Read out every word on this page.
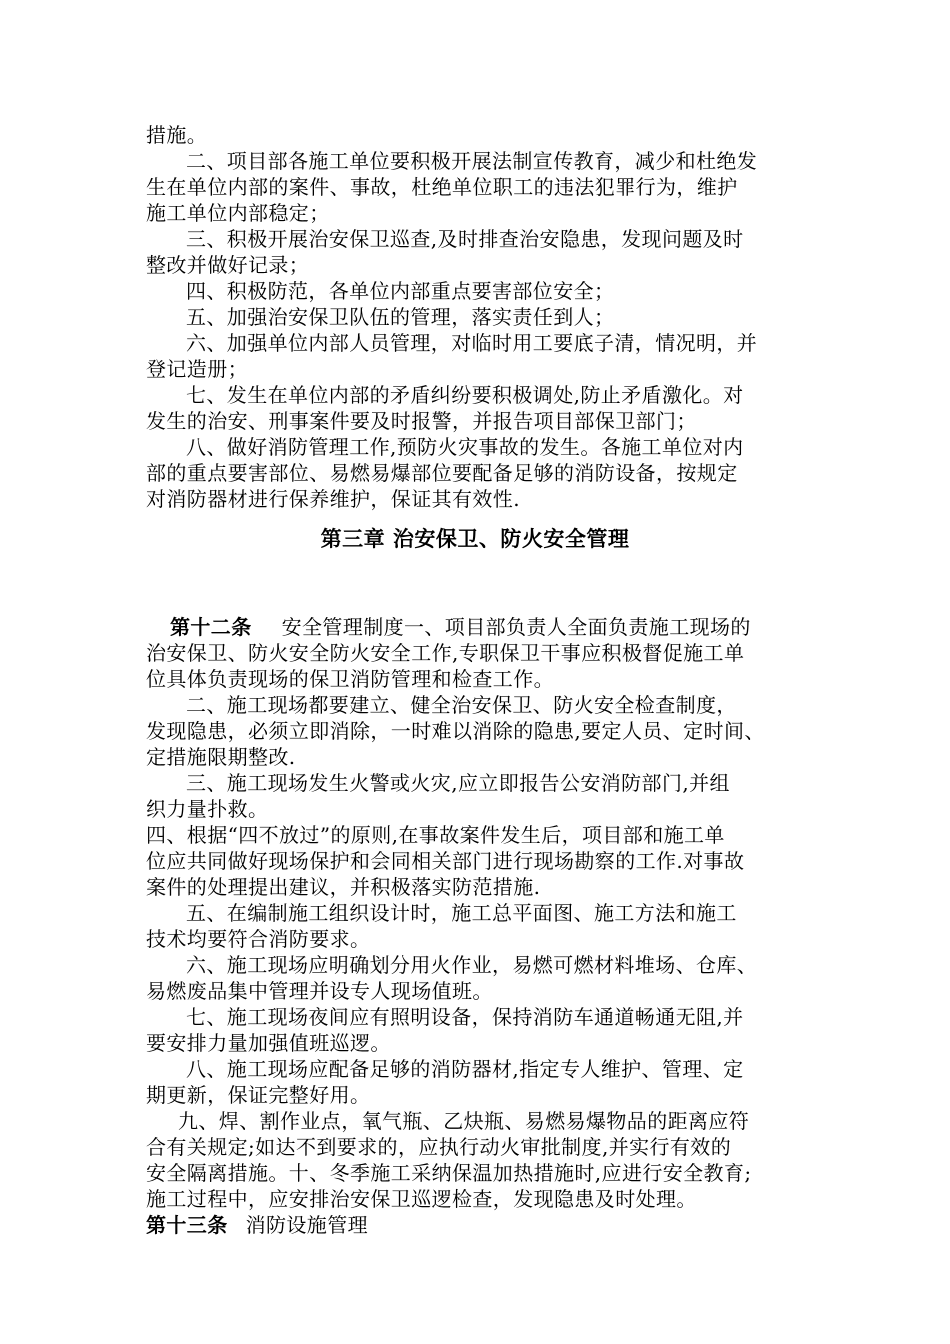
措施。
二、项目部各施工单位要积极开展法制宣传教育，减少和杜绝发
生在单位内部的案件、事故，杜绝单位职工的违法犯罪行为，维护
施工单位内部稳定；
三、积极开展治安保卫巡查,及时排查治安隐患，发现问题及时
整改并做好记录；
四、积极防范，各单位内部重点要害部位安全；
五、加强治安保卫队伍的管理，落实责任到人；
六、加强单位内部人员管理，对临时用工要底子清，情况明，并
登记造册；
七、发生在单位内部的矛盾纠纷要积极调处,防止矛盾激化。对
发生的治安、刑事案件要及时报警，并报告项目部保卫部门；
八、做好消防管理工作,预防火灾事故的发生。各施工单位对内
部的重点要害部位、易燃易爆部位要配备足够的消防设备，按规定
对消防器材进行保养维护，保证其有效性.
第三章 治安保卫、防火安全管理
第十二条 安全管理制度一、项目部负责人全面负责施工现场的
治安保卫、防火安全防火安全工作,专职保卫干事应积极督促施工单
位具体负责现场的保卫消防管理和检查工作。
二、施工现场都要建立、健全治安保卫、防火安全检查制度，
发现隐患，必须立即消除，一时难以消除的隐患,要定人员、定时间、
定措施限期整改.
三、施工现场发生火警或火灾,应立即报告公安消防部门,并组
织力量扑救。
四、根据“四不放过”的原则,在事故案件发生后，项目部和施工单
位应共同做好现场保护和会同相关部门进行现场勘察的工作.对事故
案件的处理提出建议，并积极落实防范措施.
五、在编制施工组织设计时，施工总平面图、施工方法和施工
技术均要符合消防要求。
六、施工现场应明确划分用火作业，易燃可燃材料堆场、仓库、
易燃废品集中管理并设专人现场值班。
七、施工现场夜间应有照明设备，保持消防车通道畅通无阻,并
要安排力量加强值班巡逻。
八、施工现场应配备足够的消防器材,指定专人维护、管理、定
期更新，保证完整好用。
九、焊、割作业点，氧气瓶、乙炔瓶、易燃易爆物品的距离应符
合有关规定;如达不到要求的，应执行动火审批制度,并实行有效的
安全隔离措施。十、冬季施工采纳保温加热措施时,应进行安全教育;
施工过程中，应安排治安保卫巡逻检查，发现隐患及时处理。
第十三条 消防设施管理
